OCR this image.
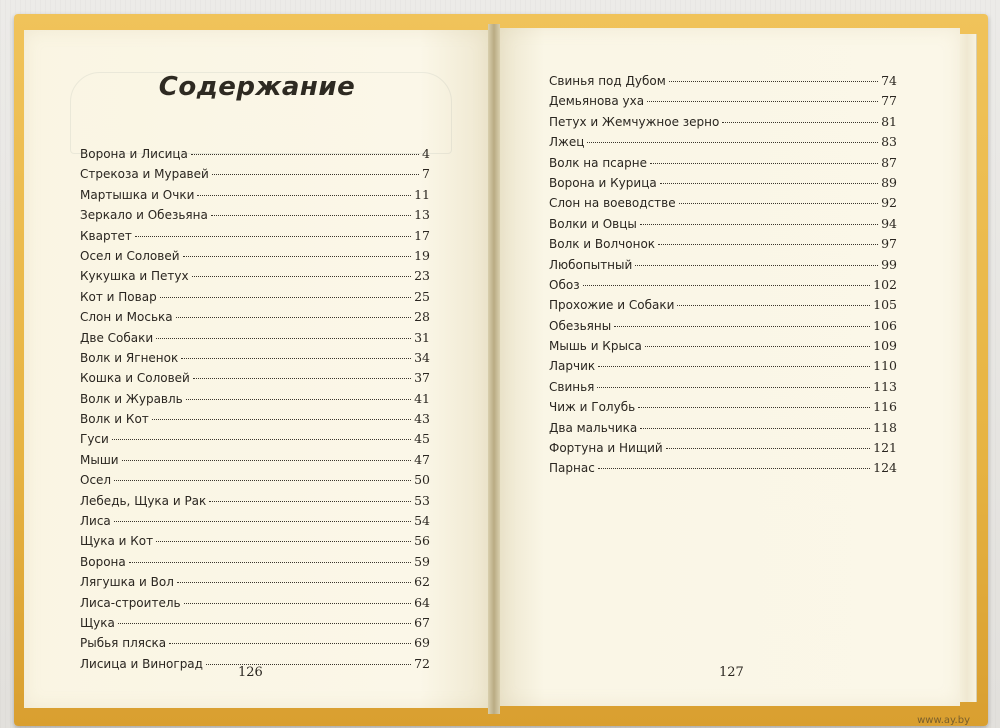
Содержание
Ворона и Лисица	4
Стрекоза и Муравей	7
Мартышка и Очки	11
Зеркало и Обезьяна	13
Квартет	17
Осел и Соловей	19
Кукушка и Петух	23
Кот и Повар	25
Слон и Моська	28
Две Собаки	31
Волк и Ягненок	34
Кошка и Соловей	37
Волк и Журавль	41
Волк и Кот	43
Гуси	45
Мыши	47
Осел	50
Лебедь, Щука и Рак	53
Лиса	54
Щука и Кот	56
Ворона	59
Лягушка и Вол	62
Лиса-строитель	64
Щука	67
Рыбья пляска	69
Лисица и Виноград	72
Свинья под Дубом	74
Демьянова уха	77
Петух и Жемчужное зерно	81
Лжец	83
Волк на псарне	87
Ворона и Курица	89
Слон на воеводстве	92
Волки и Овцы	94
Волк и Волчонок	97
Любопытный	99
Обоз	102
Прохожие и Собаки	105
Обезьяны	106
Мышь и Крыса	109
Ларчик	110
Свинья	113
Чиж и Голубь	116
Два мальчика	118
Фортуна и Нищий	121
Парнас	124
126	127
www.ay.by
